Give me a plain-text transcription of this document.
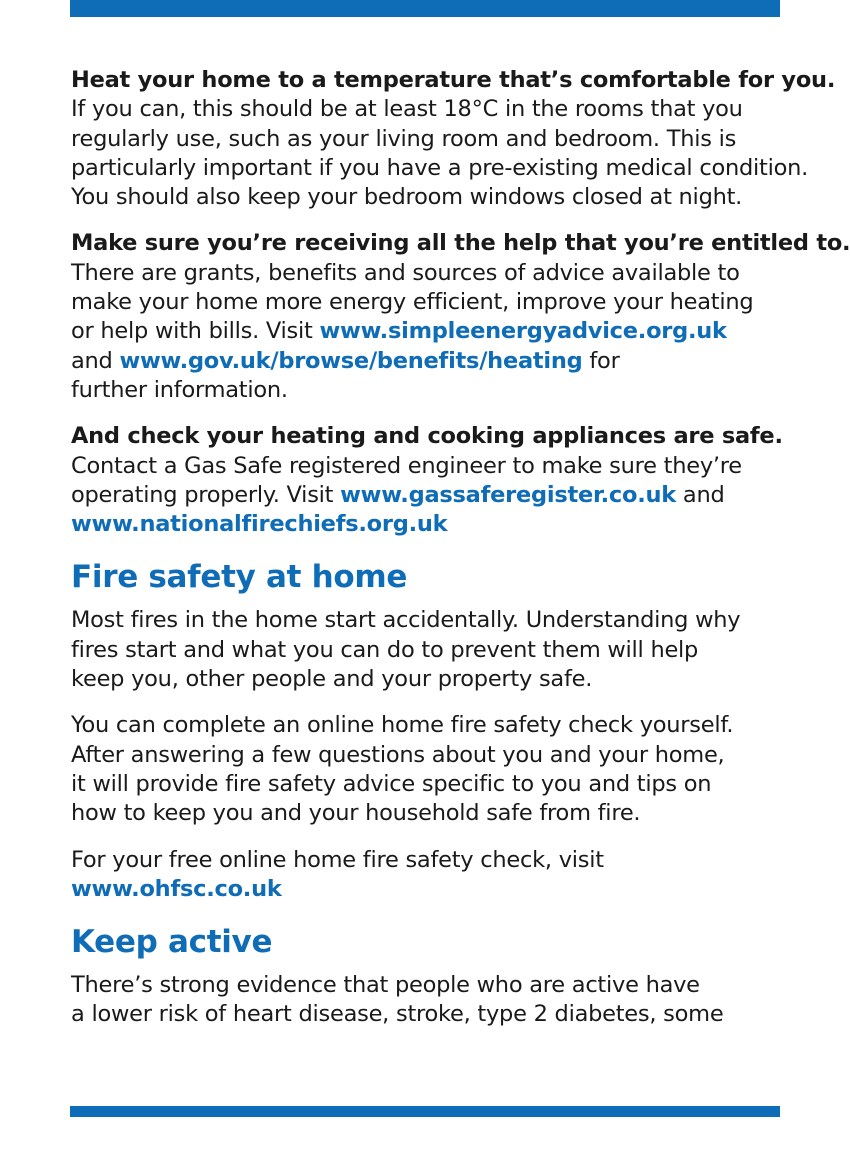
Heat your home to a temperature that’s comfortable for you.
If you can, this should be at least 18°C in the rooms that you
regularly use, such as your living room and bedroom. This is
particularly important if you have a pre-existing medical condition.
You should also keep your bedroom windows closed at night.

Make sure you’re receiving all the help that you’re entitled to.
There are grants, benefits and sources of advice available to
make your home more energy efficient, improve your heating
or help with bills. Visit www.simpleenergyadvice.org.uk
and www.gov.uk/browse/benefits/heating for
further information.

And check your heating and cooking appliances are safe.
Contact a Gas Safe registered engineer to make sure they’re
operating properly. Visit www.gassaferegister.co.uk and
www.nationalfirechiefs.org.uk

Fire safety at home

Most fires in the home start accidentally. Understanding why
fires start and what you can do to prevent them will help
keep you, other people and your property safe.

You can complete an online home fire safety check yourself.
After answering a few questions about you and your home,
it will provide fire safety advice specific to you and tips on
how to keep you and your household safe from fire.

For your free online home fire safety check, visit
www.ohfsc.co.uk

Keep active

There’s strong evidence that people who are active have
a lower risk of heart disease, stroke, type 2 diabetes, some
